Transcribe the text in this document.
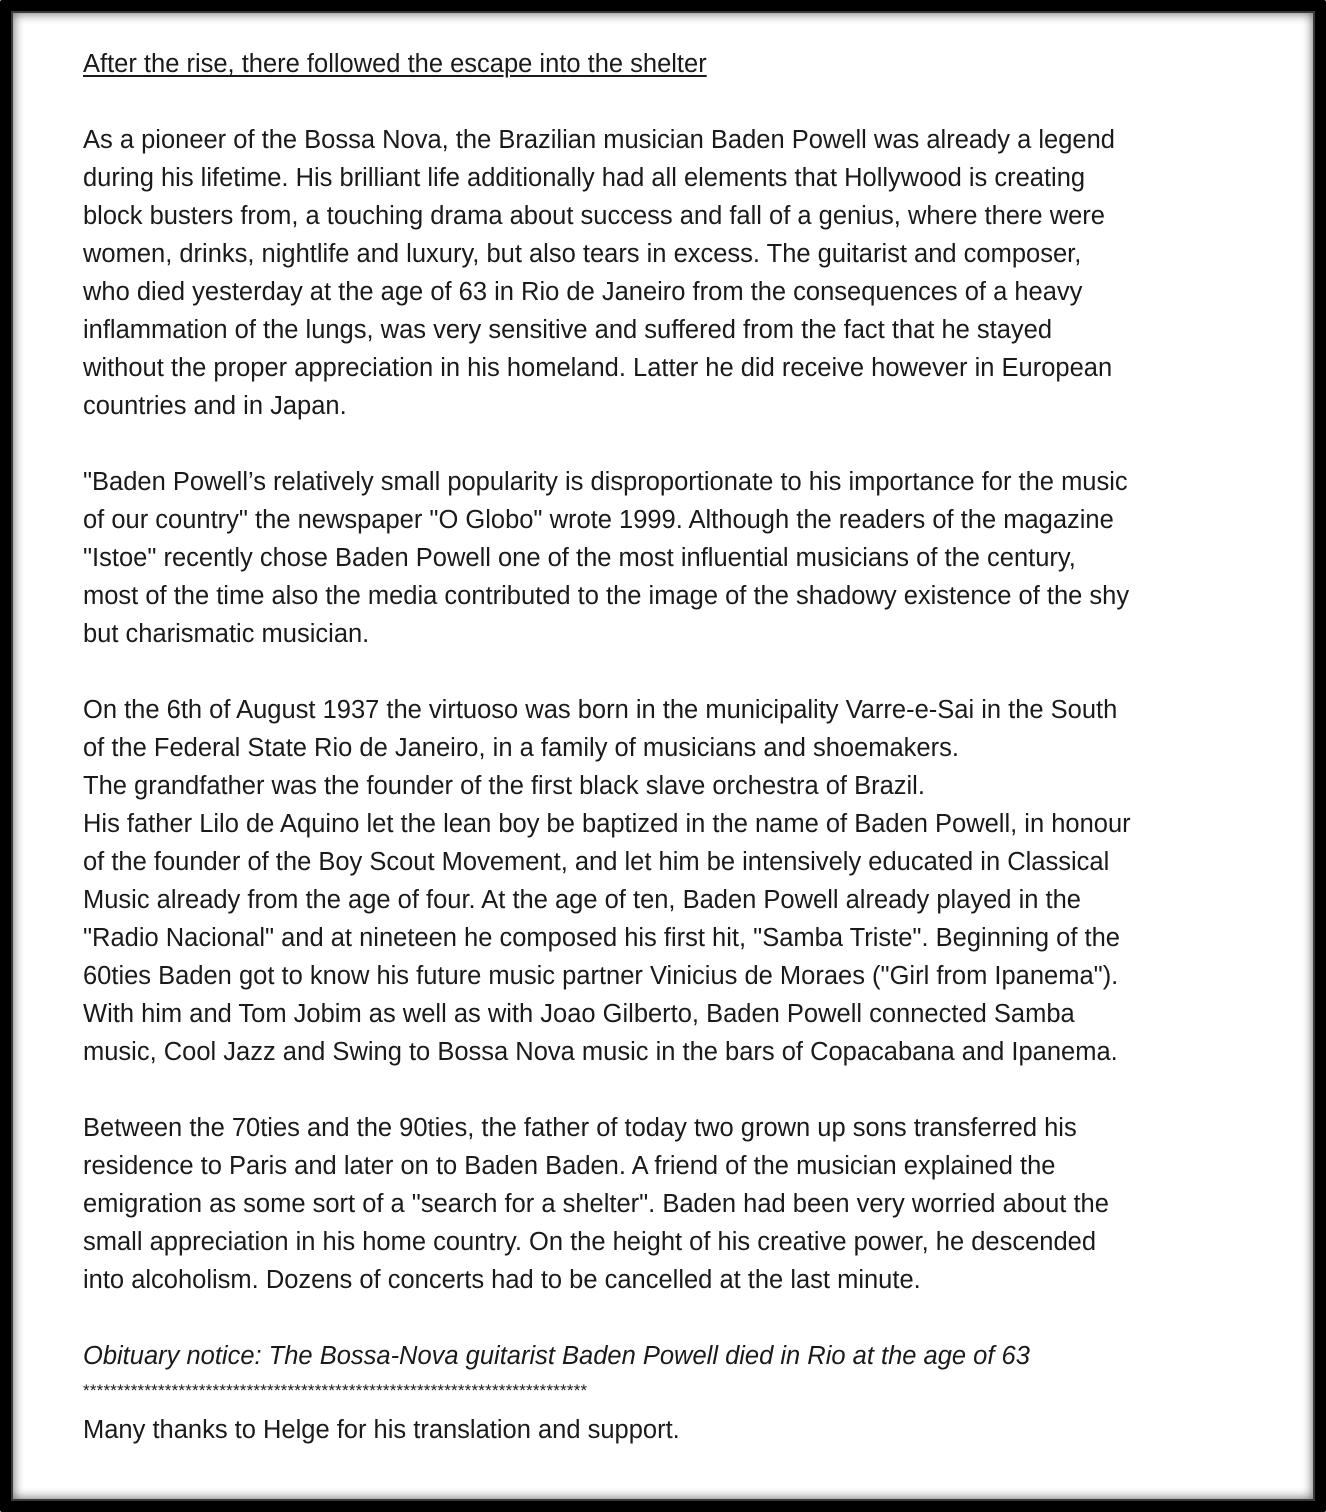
After the rise, there followed the escape into the shelter

As a pioneer of the Bossa Nova, the Brazilian musician Baden Powell was already a legend
during his lifetime. His brilliant life additionally had all elements that Hollywood is creating
block busters from, a touching drama about success and fall of a genius, where there were
women, drinks, nightlife and luxury, but also tears in excess. The guitarist and composer,
who died yesterday at the age of 63 in Rio de Janeiro from the consequences of a heavy
inflammation of the lungs, was very sensitive and suffered from the fact that he stayed
without the proper appreciation in his homeland. Latter he did receive however in European
countries and in Japan.

"Baden Powell’s relatively small popularity is disproportionate to his importance for the music
of our country" the newspaper "O Globo" wrote 1999. Although the readers of the magazine
"Istoe" recently chose Baden Powell one of the most influential musicians of the century,
most of the time also the media contributed to the image of the shadowy existence of the shy
but charismatic musician.

On the 6th of August 1937 the virtuoso was born in the municipality Varre-e-Sai in the South
of the Federal State Rio de Janeiro, in a family of musicians and shoemakers.
The grandfather was the founder of the first black slave orchestra of Brazil.
His father Lilo de Aquino let the lean boy be baptized in the name of Baden Powell, in honour
of the founder of the Boy Scout Movement, and let him be intensively educated in Classical
Music already from the age of four. At the age of ten, Baden Powell already played in the
"Radio Nacional" and at nineteen he composed his first hit, "Samba Triste". Beginning of the
60ties Baden got to know his future music partner Vinicius de Moraes ("Girl from Ipanema").
With him and Tom Jobim as well as with Joao Gilberto, Baden Powell connected Samba
music, Cool Jazz and Swing to Bossa Nova music in the bars of Copacabana and Ipanema.

Between the 70ties and the 90ties, the father of today two grown up sons transferred his
residence to Paris and later on to Baden Baden. A friend of the musician explained the
emigration as some sort of a "search for a shelter". Baden had been very worried about the
small appreciation in his home country. On the height of his creative power, he descended
into alcoholism. Dozens of concerts had to be cancelled at the last minute.

Obituary notice: The Bossa-Nova guitarist Baden Powell died in Rio at the age of 63

**************************************************************************

Many thanks to Helge for his translation and support.
